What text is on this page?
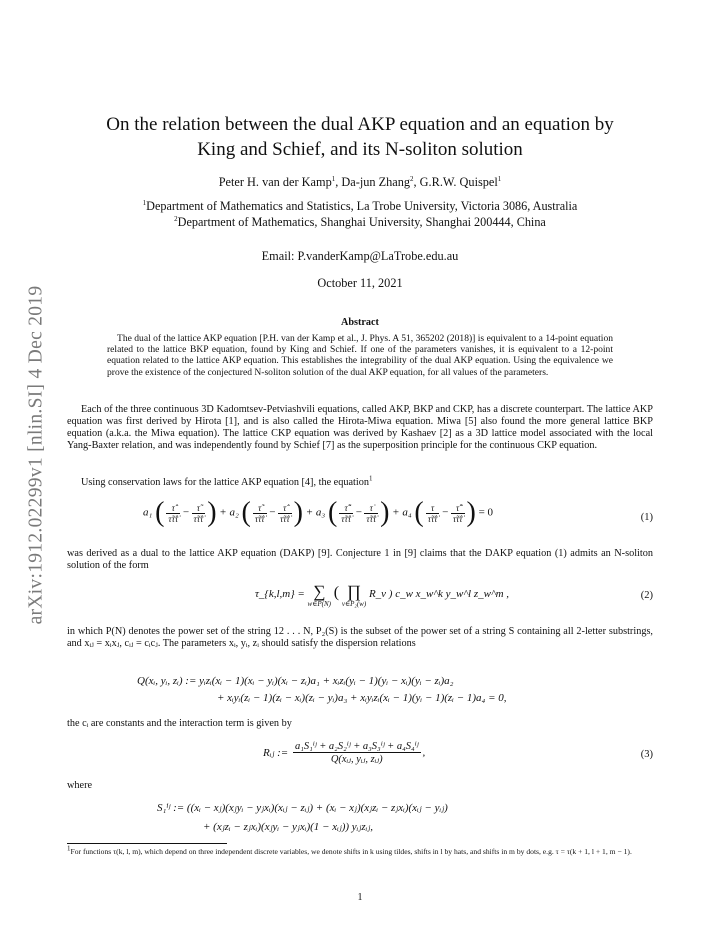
arXiv:1912.02299v1 [nlin.SI] 4 Dec 2019
On the relation between the dual AKP equation and an equation by
King and Schief, and its N-soliton solution
Peter H. van der Kamp$^1$, Da-jun Zhang$^2$, G.R.W. Quispel$^1$
$^1$Department of Mathematics and Statistics, La Trobe University, Victoria 3086, Australia
$^2$Department of Mathematics, Shanghai University, Shanghai 200444, China
Email: P.vanderKamp@LaTrobe.edu.au
October 11, 2021
Abstract
The dual of the lattice AKP equation [P.H. van der Kamp et al., J. Phys. A 51, 365202 (2018)] is equivalent to a 14-point equation related to the lattice BKP equation, found by King and Schief. If one of the parameters vanishes, it is equivalent to a 12-point equation related to the lattice AKP equation. This establishes the integrability of the dual AKP equation. Using the equivalence we prove the existence of the conjectured N-soliton solution of the dual AKP equation, for all values of the parameters.
Each of the three continuous 3D Kadomtsev-Petviashvili equations, called AKP, BKP and CKP, has a discrete counterpart. The lattice AKP equation was first derived by Hirota [1], and is also called the Hirota-Miwa equation. Miwa [5] also found the more general lattice BKP equation (a.k.a. the Miwa equation). The lattice CKP equation was derived by Kashaev [2] as a 3D lattice model associated with the local Yang-Baxter relation, and was independently found by Schief [7] as the superposition principle for the continuous CKP equation.
Using conservation laws for the lattice AKP equation [4], the equation$^1$
a₁ ( $\frac{\taû̇}{\taũ\taû\tau̇} - \frac{\taũ̇}{\taũ\taû\tau̇}$ ) + a₂ ( $\frac{\taũ̇}{\taũ\taû\tau̇} - \frac{\taû̇}{\taũ\taû\tau̇}$ ) + a₃ ( $\frac{\taũ̂}{\taũ\taû\tau̇} - \frac{\tau̇}{\taũ\taû\tau̇}$ ) + a₄ ( $\frac{\tau}{\taũ\taû\tau̇} - \frac{\taũ̂̇}{\taũ\taû\tau̇}$ ) = 0	(1)
was derived as a dual to the lattice AKP equation (DAKP) [9]. Conjecture 1 in [9] claims that the DAKP equation (1) admits an N-soliton solution of the form
τ_{k,l,m} = ∑
w∈P(N)
( ∏
v∈P₂(w)
R_v ) c_w x_w^k y_w^l z_w^m ,	(2)
in which P(N) denotes the power set of the string 12 . . . N, P₂(S) is the subset of the power set of a string S containing all 2-letter substrings, and xᵢⱼ = xᵢxⱼ, cᵢⱼ = cᵢcⱼ. The parameters xᵢ, yᵢ, zᵢ should satisfy the dispersion relations
Q(xᵢ, yᵢ, zᵢ) := yᵢzᵢ(xᵢ − 1)(xᵢ − yᵢ)(xᵢ − zᵢ)a₁ + xᵢzᵢ(yᵢ − 1)(yᵢ − xᵢ)(yᵢ − zᵢ)a₂
+ xᵢyᵢ(zᵢ − 1)(zᵢ − xᵢ)(zᵢ − yᵢ)a₃ + xᵢyᵢzᵢ(xᵢ − 1)(yᵢ − 1)(zᵢ − 1)a₄ = 0,
the cᵢ are constants and the interaction term is given by
Rᵢⱼ := $\frac{\text{a₁S₁ⁱʲ + a₂S₂ⁱʲ + a₃S₃ⁱʲ + a₄S₄ⁱʲ}}{\text{Q(xᵢⱼ, yᵢⱼ, zᵢⱼ)}}$ ,	(3)
where
S₁ⁱʲ := ((xᵢ − xⱼ)(xⱼyᵢ − yⱼxᵢ)(xᵢⱼ − zᵢⱼ) + (xᵢ − xⱼ)(xⱼzᵢ − zⱼxᵢ)(xᵢⱼ − yᵢⱼ)
+ (xⱼzᵢ − zⱼxᵢ)(xⱼyᵢ − yⱼxᵢ)(1 − xᵢⱼ)) yᵢⱼzᵢⱼ,
$^1$For functions τ(k, l, m), which depend on three independent discrete variables, we denote shifts in k using tildes, shifts in l by hats, and shifts in m by dots, e.g. τ = τ(k + 1, l + 1, m − 1).
1
